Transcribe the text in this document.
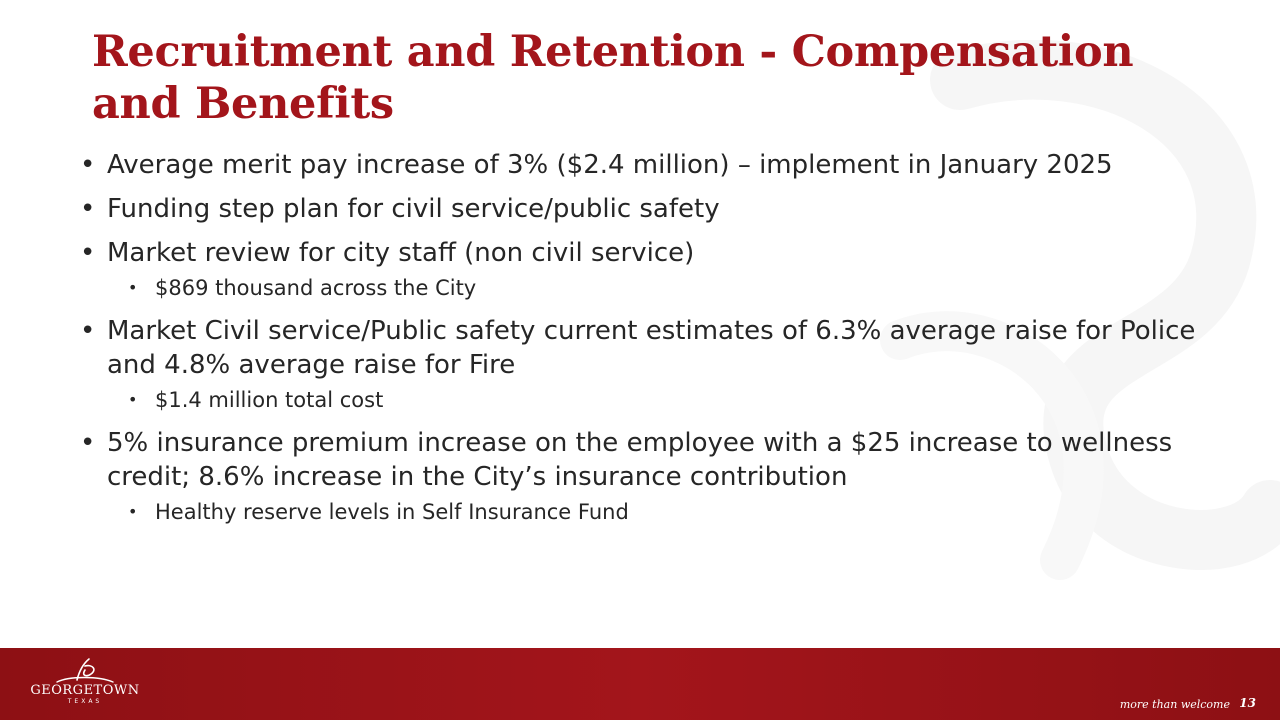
Recruitment and Retention - Compensation and Benefits
• Average merit pay increase of 3% ($2.4 million) – implement in January 2025
• Funding step plan for civil service/public safety
• Market review for city staff (non civil service)
• $869 thousand across the City
• Market Civil service/Public safety current estimates of 6.3% average raise for Police and 4.8% average raise for Fire
• $1.4 million total cost
• 5% insurance premium increase on the employee with a $25 increase to wellness credit; 8.6% increase in the City’s insurance contribution
• Healthy reserve levels in Self Insurance Fund
GEORGETOWN
TEXAS	more than welcome 13
